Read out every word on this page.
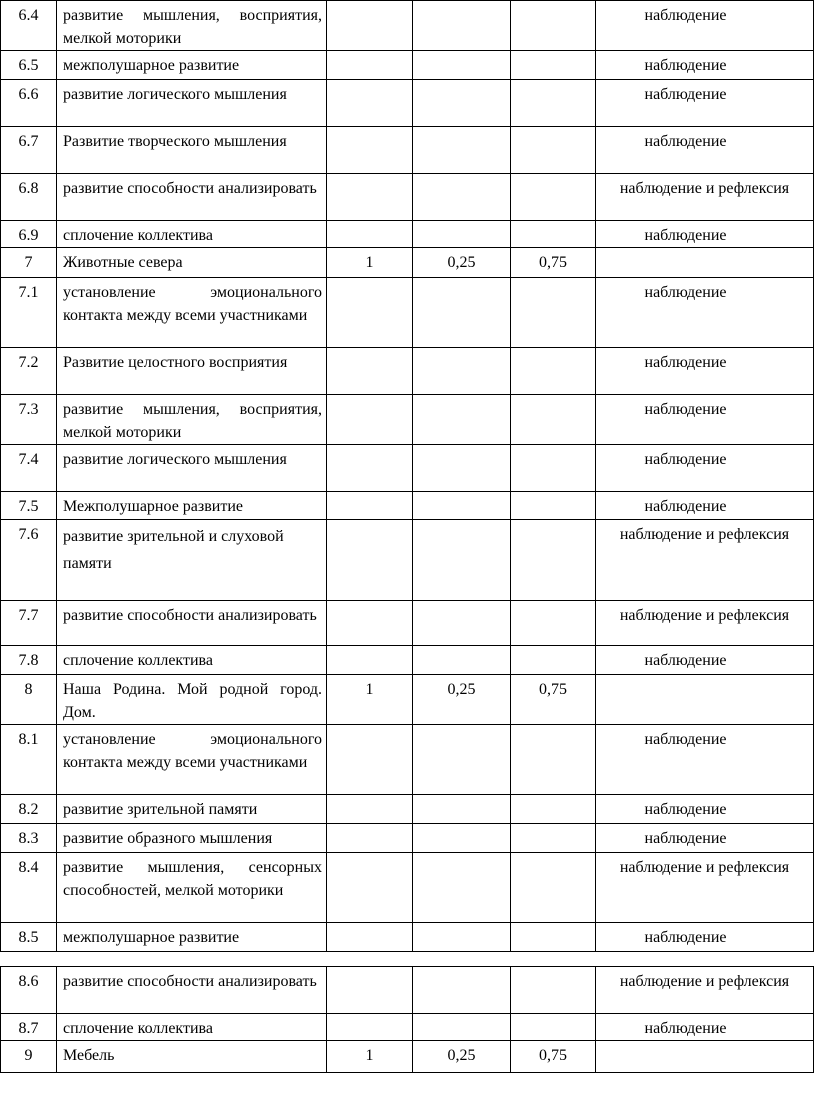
6.4	развитие мышления, восприятия, мелкой моторики				наблюдение
6.5	межполушарное развитие				наблюдение
6.6	развитие логического мышления				наблюдение
6.7	Развитие творческого мышления				наблюдение
6.8	развитие способности анализировать				наблюдение и рефлексия
6.9	сплочение коллектива				наблюдение
7	Животные севера	1	0,25	0,75	
7.1	установление эмоционального контакта между всеми участниками				наблюдение
7.2	Развитие целостного восприятия				наблюдение
7.3	развитие мышления, восприятия, мелкой моторики				наблюдение
7.4	развитие логического мышления				наблюдение
7.5	Межполушарное развитие				наблюдение
7.6	развитие зрительной и слуховой памяти				наблюдение и рефлексия
7.7	развитие способности анализировать				наблюдение и рефлексия
7.8	сплочение коллектива				наблюдение
8	Наша Родина. Мой родной город. Дом.	1	0,25	0,75	
8.1	установление эмоционального контакта между всеми участниками				наблюдение
8.2	развитие зрительной памяти				наблюдение
8.3	развитие образного мышления				наблюдение
8.4	развитие мышления, сенсорных способностей, мелкой моторики				наблюдение и рефлексия
8.5	межполушарное развитие				наблюдение
8.6	развитие способности анализировать				наблюдение и рефлексия
8.7	сплочение коллектива				наблюдение
9	Мебель	1	0,25	0,75	
